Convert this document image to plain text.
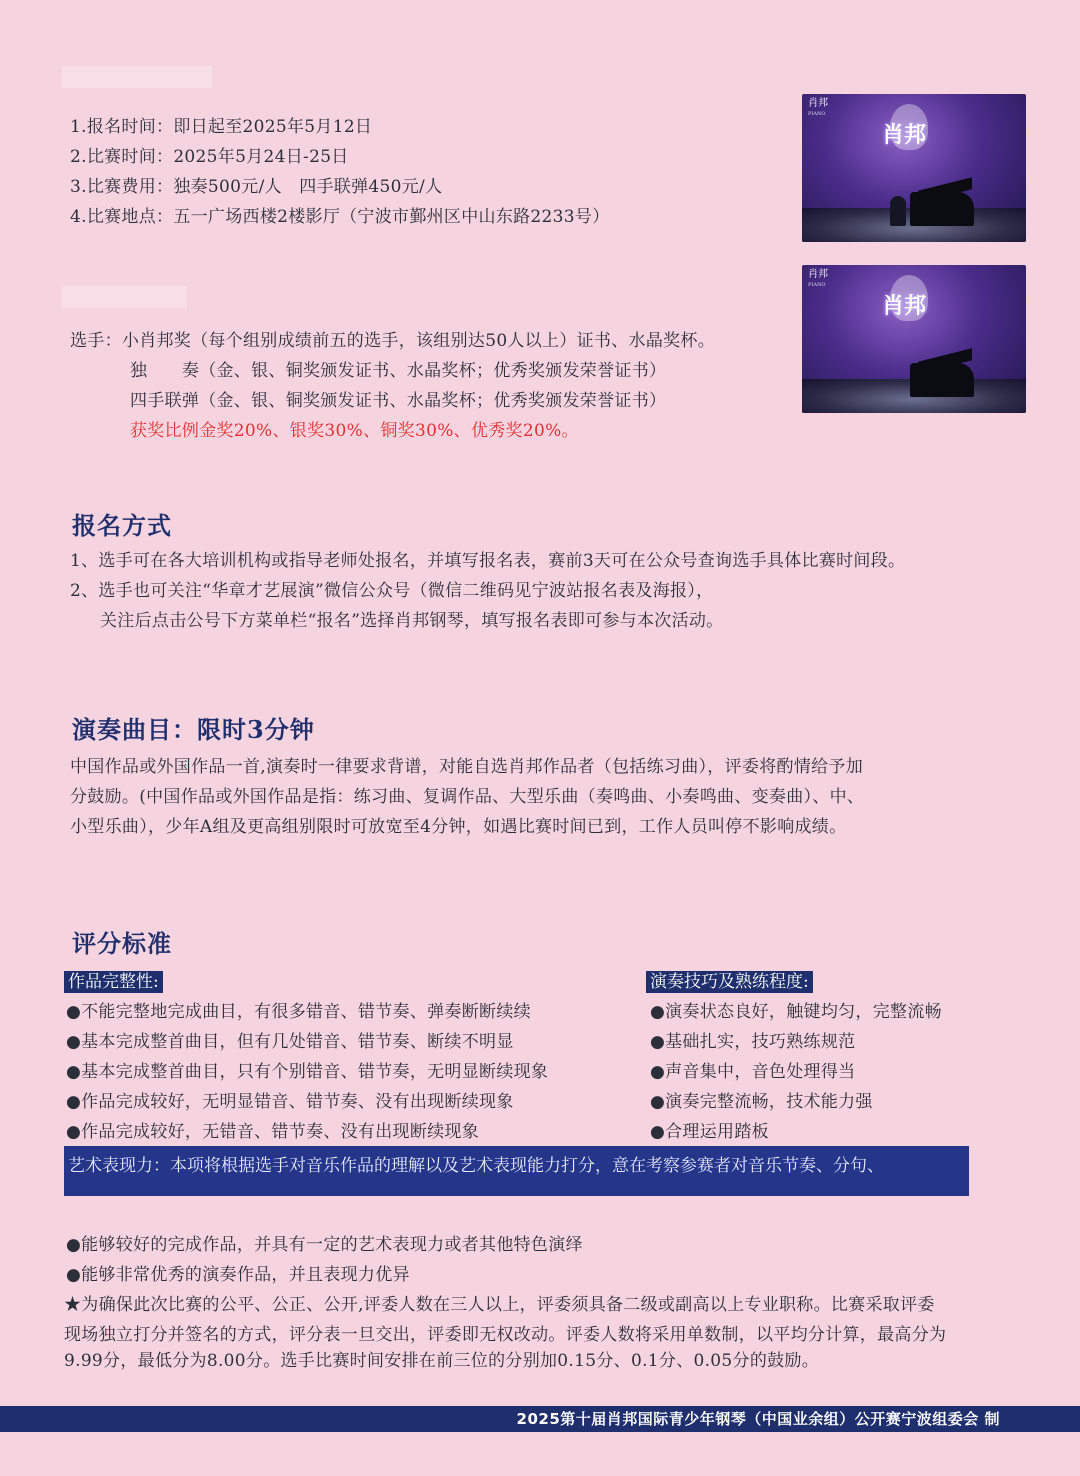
1.报名时间：即日起至2025年5月12日
2.比赛时间：2025年5月24日-25日
3.比赛费用：独奏500元/人　四手联弹450元/人
4.比赛地点：五一广场西楼2楼影厅（宁波市鄞州区中山东路2233号）
肖邦
PIANO
肖邦
肖邦
PIANO
肖邦
选手：小肖邦奖（每个组别成绩前五的选手，该组别达50人以上）证书、水晶奖杯。
独　　奏（金、银、铜奖颁发证书、水晶奖杯；优秀奖颁发荣誉证书）
四手联弹（金、银、铜奖颁发证书、水晶奖杯；优秀奖颁发荣誉证书）
获奖比例金奖20%、银奖30%、铜奖30%、优秀奖20%。
报名方式
1、选手可在各大培训机构或指导老师处报名，并填写报名表，赛前3天可在公众号查询选手具体比赛时间段。
2、选手也可关注“华章才艺展演”微信公众号（微信二维码见宁波站报名表及海报），
关注后点击公号下方菜单栏“报名”选择肖邦钢琴，填写报名表即可参与本次活动。
演奏曲目：限时3分钟
中国作品或外国作品一首,演奏时一律要求背谱，对能自选肖邦作品者（包括练习曲），评委将酌情给予加
分鼓励。(中国作品或外国作品是指：练习曲、复调作品、大型乐曲（奏鸣曲、小奏鸣曲、变奏曲）、中、
小型乐曲），少年A组及更高组别限时可放宽至4分钟，如遇比赛时间已到，工作人员叫停不影响成绩。
评分标准
作品完整性:
●不能完整地完成曲目，有很多错音、错节奏、弹奏断断续续
●基本完成整首曲目，但有几处错音、错节奏、断续不明显
●基本完成整首曲目，只有个别错音、错节奏，无明显断续现象
●作品完成较好，无明显错音、错节奏、没有出现断续现象
●作品完成较好，无错音、错节奏、没有出现断续现象
演奏技巧及熟练程度:
●演奏状态良好，触键均匀，完整流畅
●基础扎实，技巧熟练规范
●声音集中，音色处理得当
●演奏完整流畅，技术能力强
●合理运用踏板
艺术表现力：本项将根据选手对音乐作品的理解以及艺术表现能力打分，意在考察参赛者对音乐节奏、分句、
●能够较好的完成作品，并具有一定的艺术表现力或者其他特色演绎
●能够非常优秀的演奏作品，并且表现力优异
★为确保此次比赛的公平、公正、公开,评委人数在三人以上，评委须具备二级或副高以上专业职称。比赛采取评委
现场独立打分并签名的方式，评分表一旦交出，评委即无权改动。评委人数将采用单数制，以平均分计算，最高分为
9.99分，最低分为8.00分。选手比赛时间安排在前三位的分别加0.15分、0.1分、0.05分的鼓励。
2025第十届肖邦国际青少年钢琴（中国业余组）公开赛宁波组委会 制
